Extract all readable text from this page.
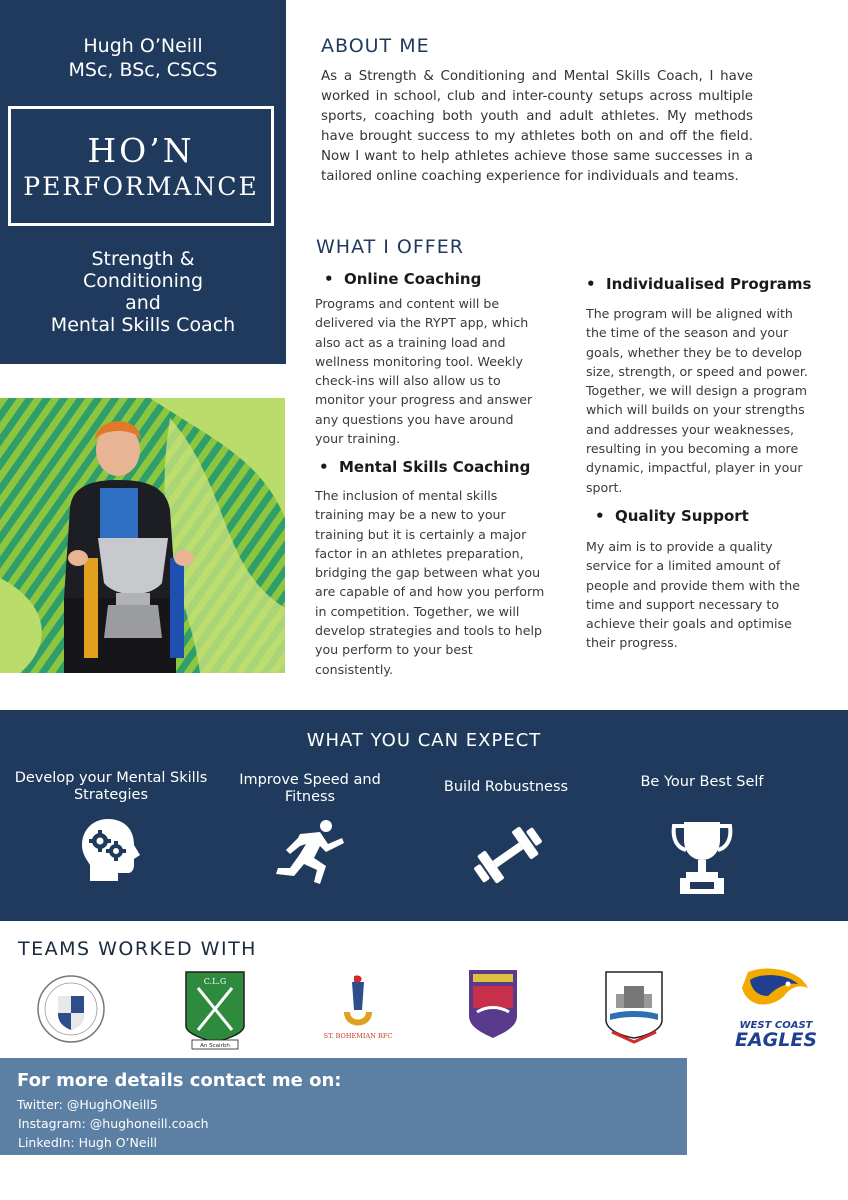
Hugh O’Neill
MSc, BSc, CSCS
HO’N
PERFORMANCE
Strength &
Conditioning
and
Mental Skills Coach
ABOUT ME

As a Strength & Conditioning and Mental Skills Coach, I have worked in school, club and inter-county setups across multiple sports, coaching both youth and adult athletes. My methods have brought success to my athletes both on and off the field. Now I want to help athletes achieve those same successes in a tailored online coaching experience for individuals and teams.

WHAT I OFFER
• Online Coaching
Programs and content will be delivered via the RYPT app, which also act as a training load and wellness monitoring tool. Weekly check-ins will also allow us to monitor your progress and answer any questions you have around your training.
• Mental Skills Coaching
The inclusion of mental skills training may be a new to your training but it is certainly a major factor in an athletes preparation, bridging the gap between what you are capable of and how you perform in competition. Together, we will develop strategies and tools to help you perform to your best consistently.
• Individualised Programs
The program will be aligned with the time of the season and your goals, whether they be to develop size, strength, or speed and power. Together, we will design a program which will builds on your strengths and addresses your weaknesses, resulting in you becoming a more dynamic, impactful, player in your sport.
• Quality Support
My aim is to provide a quality service for a limited amount of people and provide them with the time and support necessary to achieve their goals and optimise their progress.
WHAT YOU CAN EXPECT
Develop your Mental Skills Strategies
Improve Speed and Fitness
Build Robustness	Be Your Best Self
TEAMS WORKED WITH
C.L.G
An Scairbh
ST. BOHEMIAN RFC
WEST COAST
EAGLES
For more details contact me on:
Twitter: @HughONeill5
Instagram: @hughoneill.coach
LinkedIn: Hugh O’Neill
